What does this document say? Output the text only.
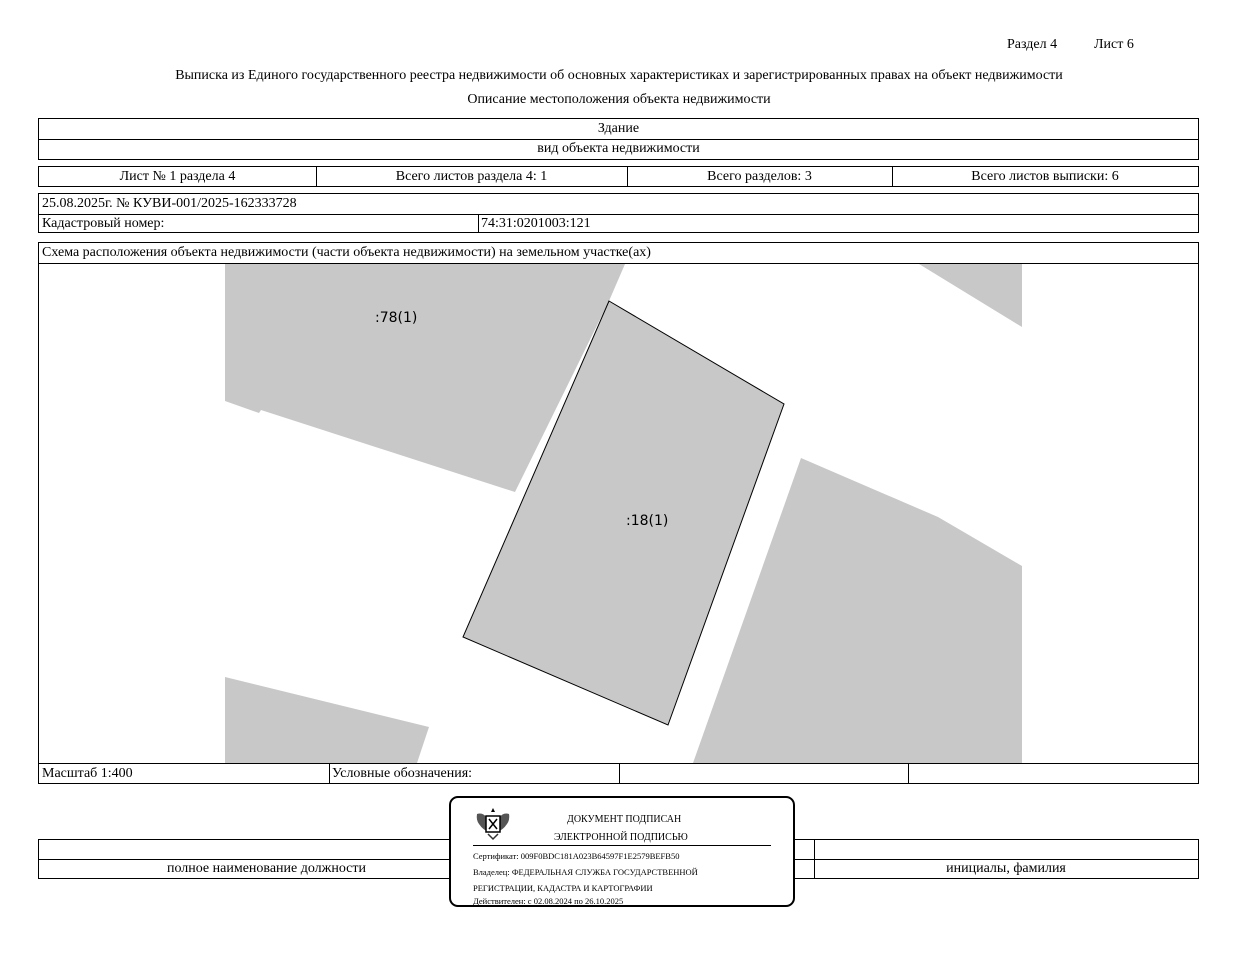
Раздел 4	Лист 6
Выписка из Единого государственного реестра недвижимости об основных характеристиках и зарегистрированных правах на объект недвижимости
Описание местоположения объекта недвижимости
Здание
вид объекта недвижимости
Лист № 1 раздела 4	Всего листов раздела 4: 1	Всего разделов: 3	Всего листов выписки: 6
25.08.2025г. № КУВИ-001/2025-162333728
Кадастровый номер:	74:31:0201003:121
Схема расположения объекта недвижимости (части объекта недвижимости) на земельном участке(ах)
:78(1)
:18(1)
Масштаб 1:400	Условные обозначения:
полное наименование должности	инициалы, фамилия
ДОКУМЕНТ ПОДПИСАН
ЭЛЕКТРОННОЙ ПОДПИСЬЮ
Сертификат: 009F0BDC181A023B64597F1E2579BEFB50
Владелец: ФЕДЕРАЛЬНАЯ СЛУЖБА ГОСУДАРСТВЕННОЙ
РЕГИСТРАЦИИ, КАДАСТРА И КАРТОГРАФИИ
Действителен: с 02.08.2024 по 26.10.2025
